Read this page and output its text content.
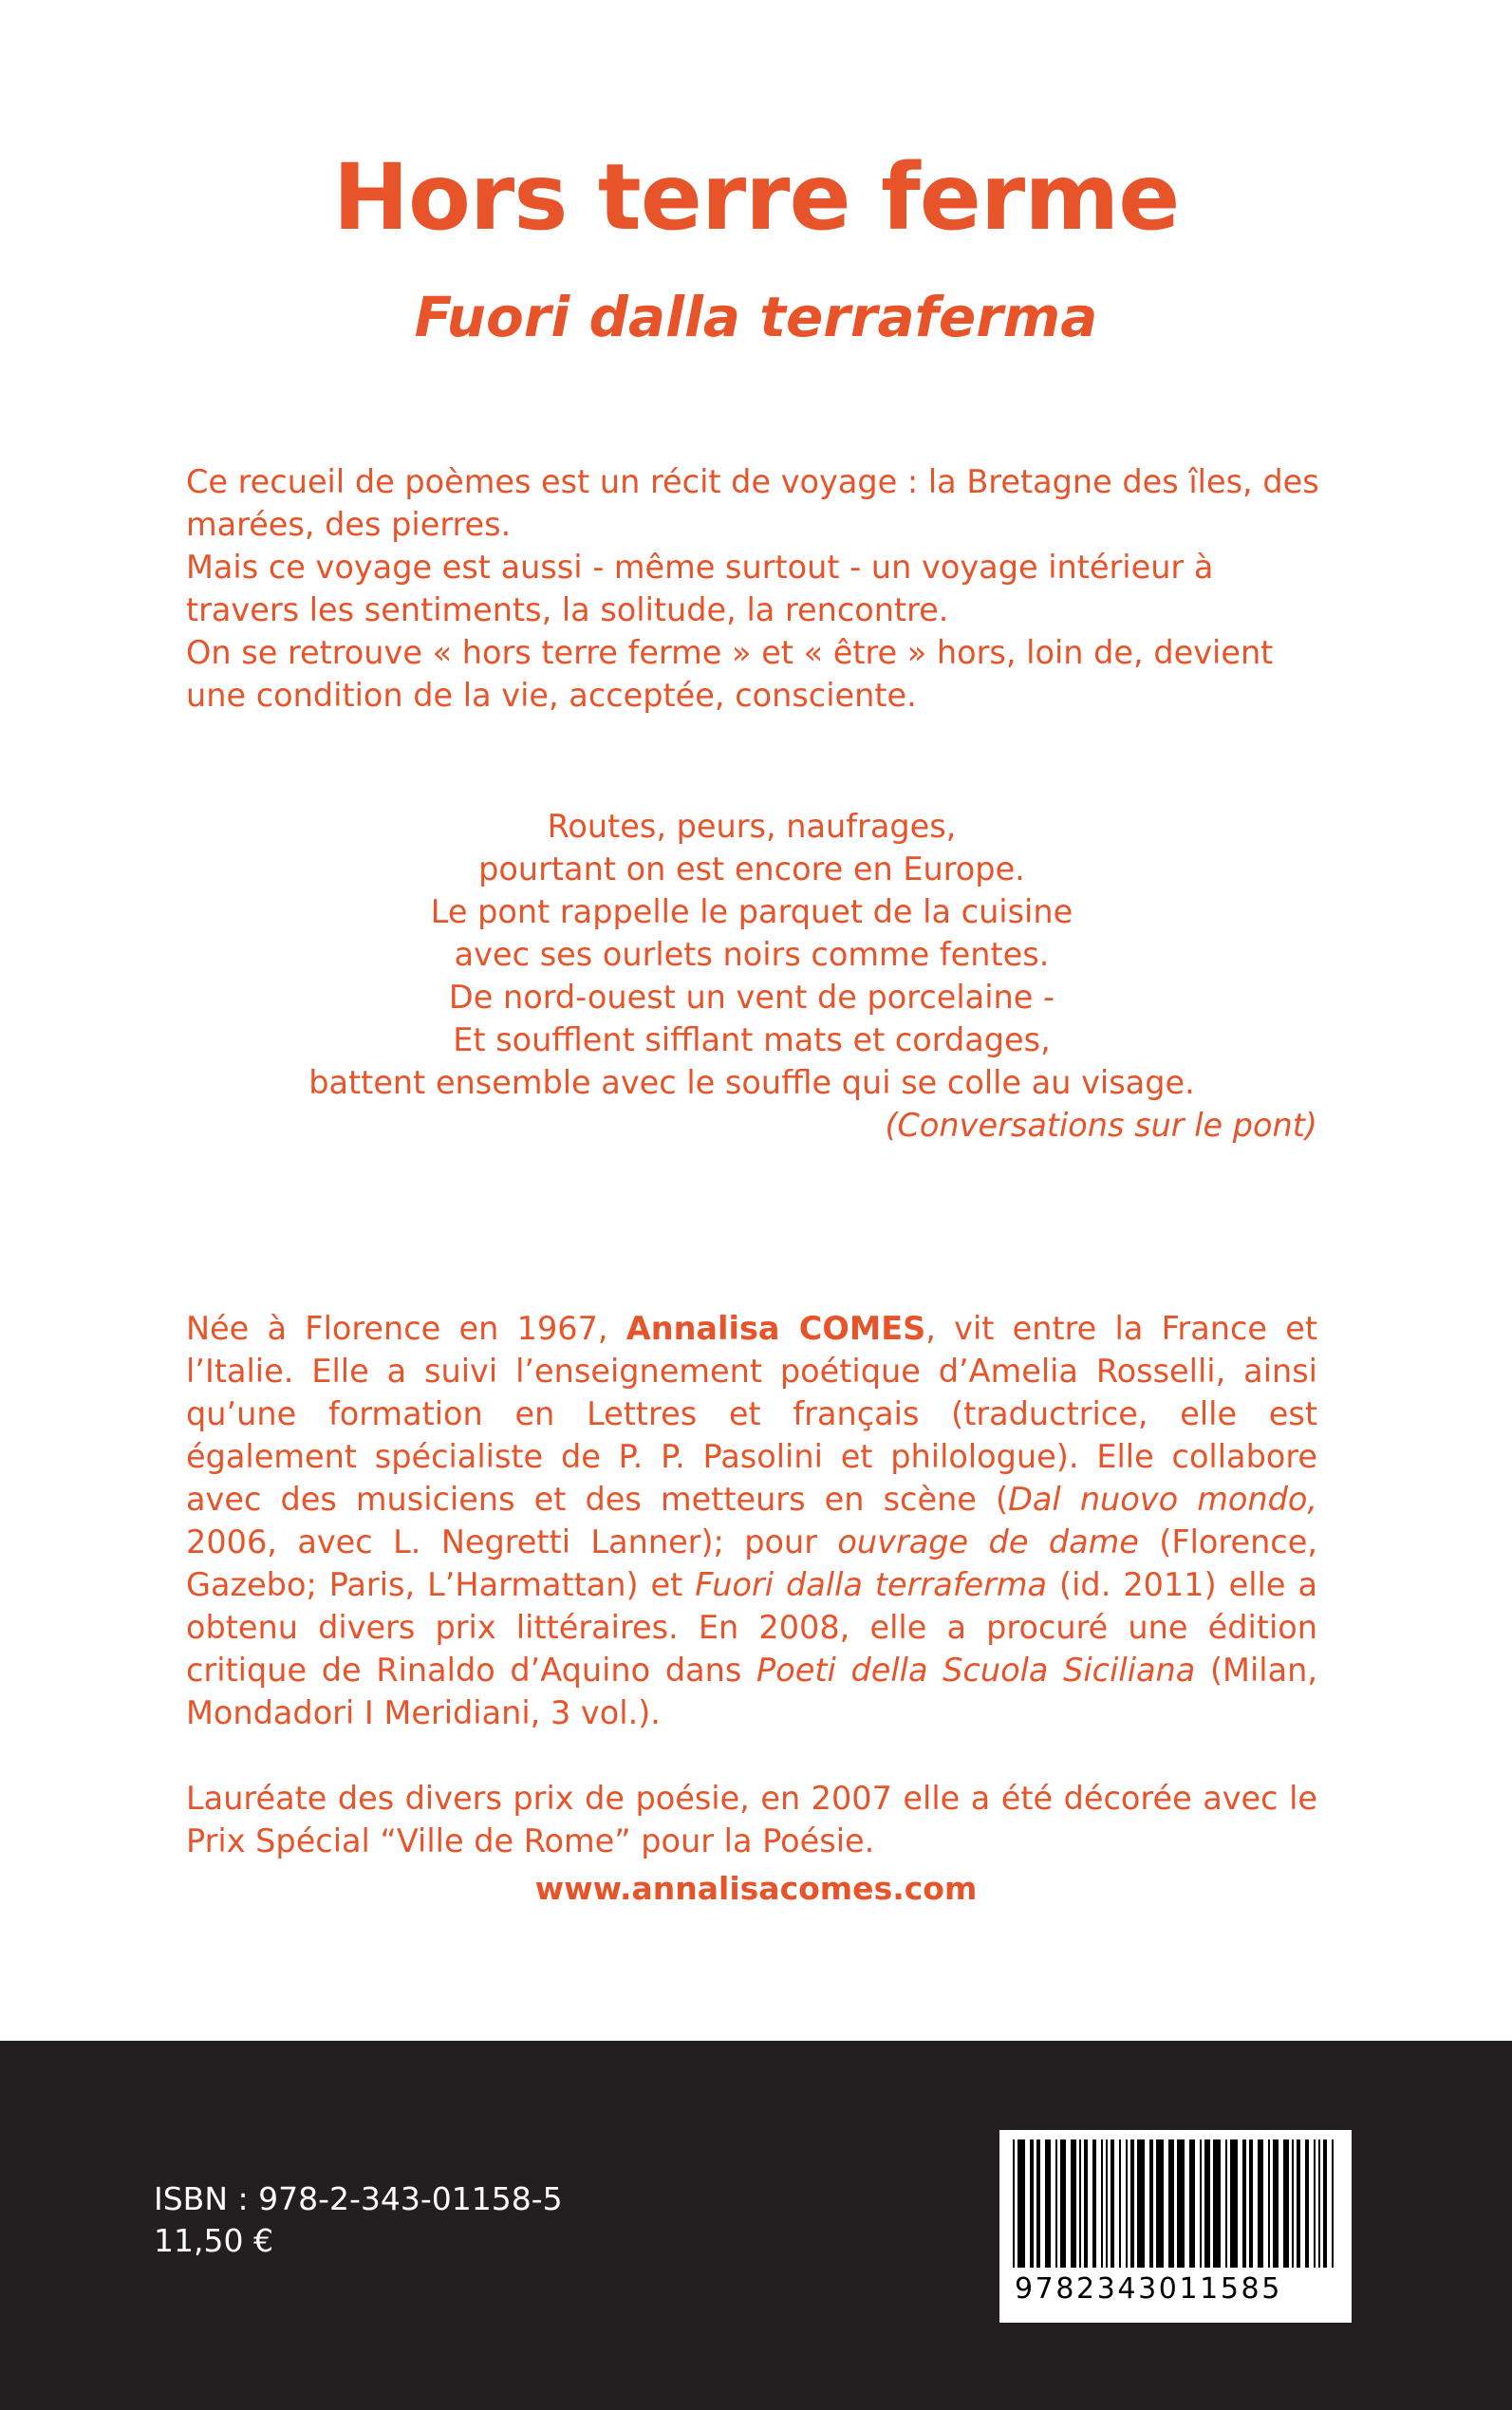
Hors terre ferme
Fuori dalla terraferma

Ce recueil de poèmes est un récit de voyage : la Bretagne des îles, des marées, des pierres.

Mais ce voyage est aussi - même surtout - un voyage intérieur à travers les sentiments, la solitude, la rencontre.

On se retrouve « hors terre ferme » et « être » hors, loin de, devient une condition de la vie, acceptée, consciente.

Routes, peurs, naufrages,
pourtant on est encore en Europe.
Le pont rappelle le parquet de la cuisine
avec ses ourlets noirs comme fentes.
De nord-ouest un vent de porcelaine -
Et soufflent sifflant mats et cordages,
battent ensemble avec le souffle qui se colle au visage.
(Conversations sur le pont)

Née à Florence en 1967, Annalisa COMES, vit entre la France et l’Italie. Elle a suivi l’enseignement poétique d’Amelia Rosselli, ainsi qu’une formation en Lettres et français (traductrice, elle est également spécialiste de P. P. Pasolini et philologue). Elle collabore avec des musiciens et des metteurs en scène (Dal nuovo mondo, 2006, avec L. Negretti Lanner); pour ouvrage de dame (Florence, Gazebo; Paris, L’Harmattan) et Fuori dalla terraferma (id. 2011) elle a obtenu divers prix littéraires. En 2008, elle a procuré une édition critique de Rinaldo d’Aquino dans Poeti della Scuola Siciliana (Milan, Mondadori I Meridiani, 3 vol.).

Lauréate des divers prix de poésie, en 2007 elle a été décorée avec le Prix Spécial “Ville de Rome” pour la Poésie.

www.annalisacomes.com
ISBN : 978-2-343-01158-5
11,50 €
9782343011585
